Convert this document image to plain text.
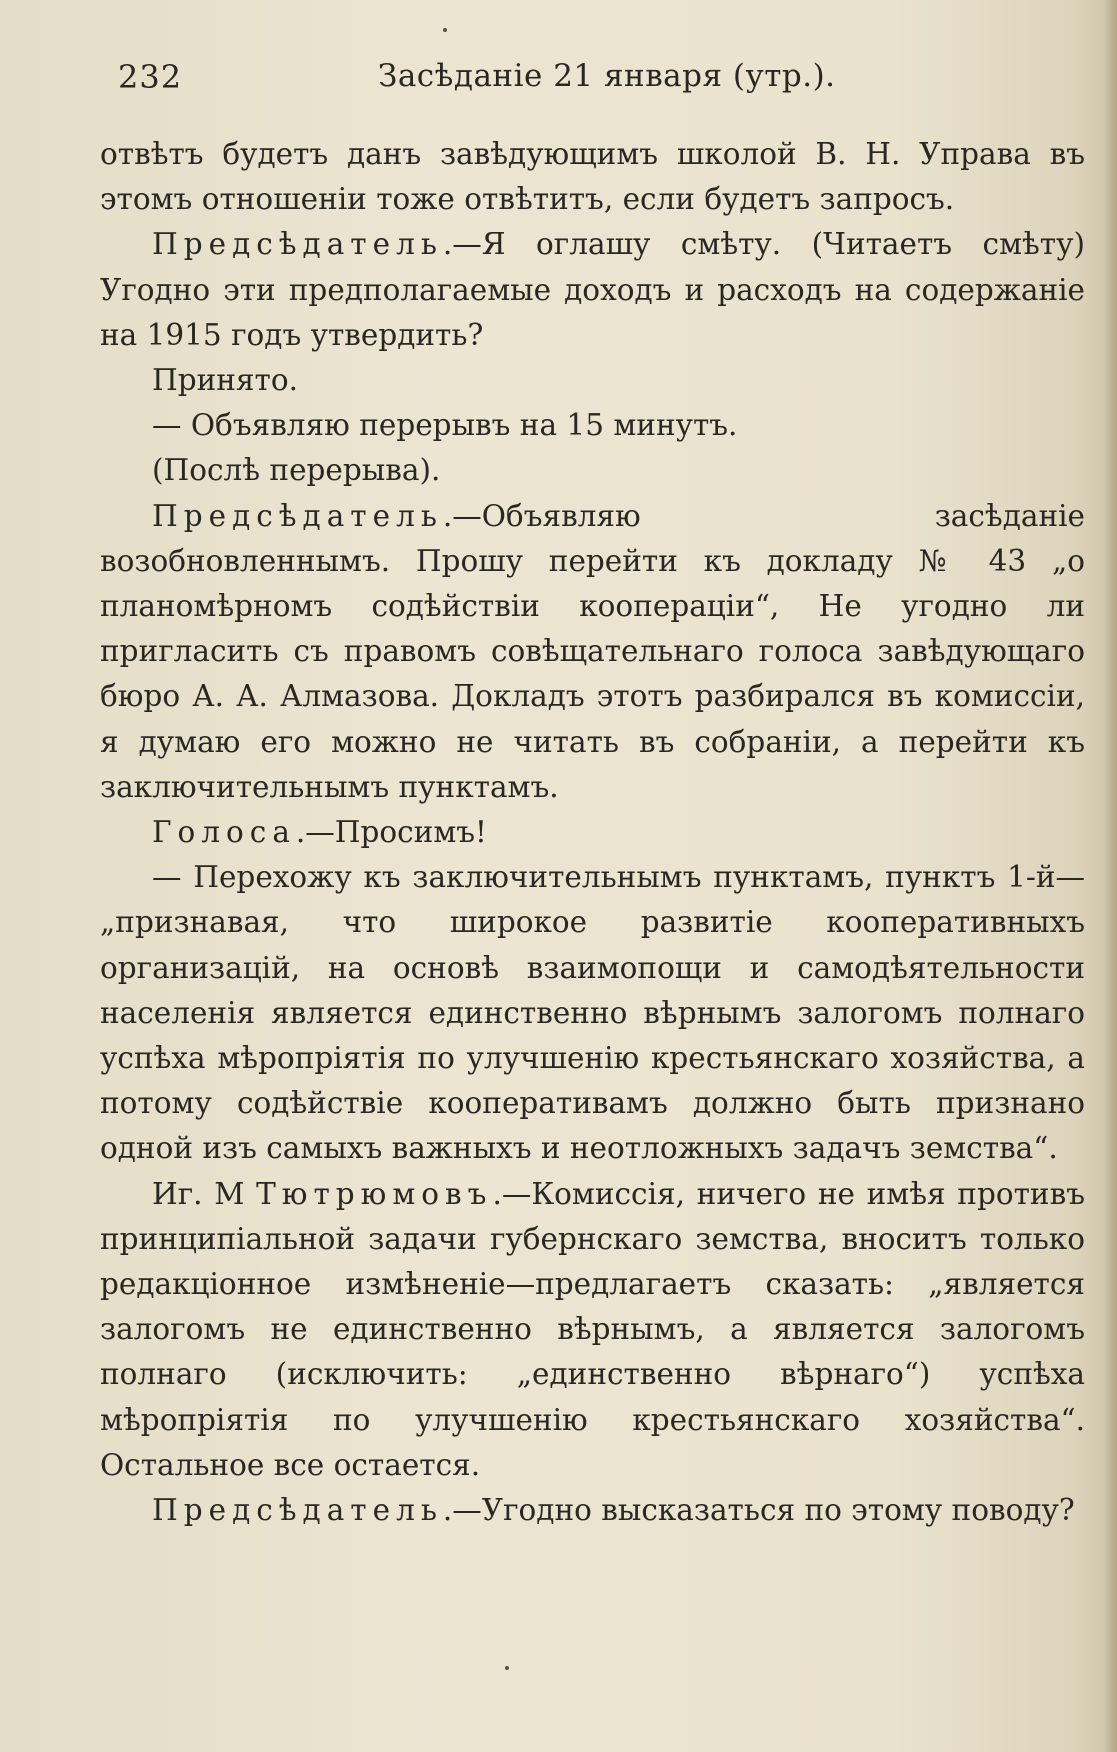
232	Засѣданіе 21 января (утр.).

отвѣтъ будетъ данъ завѣдующимъ школой В. Н. Управа въ этомъ отношеніи тоже отвѣтитъ, если будетъ запросъ.

Предсѣдатель.—Я оглашу смѣту. (Читаетъ смѣту) Угодно эти предполагаемые доходъ и расходъ на содержаніе на 1915 годъ утвердить?

Принято.

— Объявляю перерывъ на 15 минутъ.

(Послѣ перерыва).

Предсѣдатель.—Объявляю засѣданіе возобновленнымъ. Прошу перейти къ докладу № 43 „о планомѣрномъ содѣйствіи кооперацiи“, Не угодно ли пригласить съ правомъ совѣщательнаго голоса завѣдующаго бюро А. А. Алмазова. Докладъ этотъ разбирался въ комиссіи, я думаю его можно не читать въ собраніи, а перейти къ заключительнымъ пунктамъ.

Голоса.—Просимъ!

— Перехожу къ заключительнымъ пунктамъ, пунктъ 1-й—„признавая, что широкое развитіе кооперативныхъ организацій, на основѣ взаимопощи и самодѣятельности населенія является единственно вѣрнымъ залогомъ полнаго успѣха мѣропріятія по улучшенію крестьянскаго хозяйства, а потому содѣйствіе кооперативамъ должно быть признано одной изъ самыхъ важныхъ и неотложныхъ задачъ земства“.

Иг. М Тютрюмовъ.—Комиссія, ничего не имѣя противъ принципіальной задачи губернскаго земства, вноситъ только редакціонное измѣненіе—предлагаетъ сказать: „является залогомъ не единственно вѣрнымъ, а является залогомъ полнаго (исключить: „единственно вѣрнаго“) успѣха мѣропріятія по улучшенію крестьянскаго хозяйства“. Остальное все остается.

Предсѣдатель.—Угодно высказаться по этому поводу?
